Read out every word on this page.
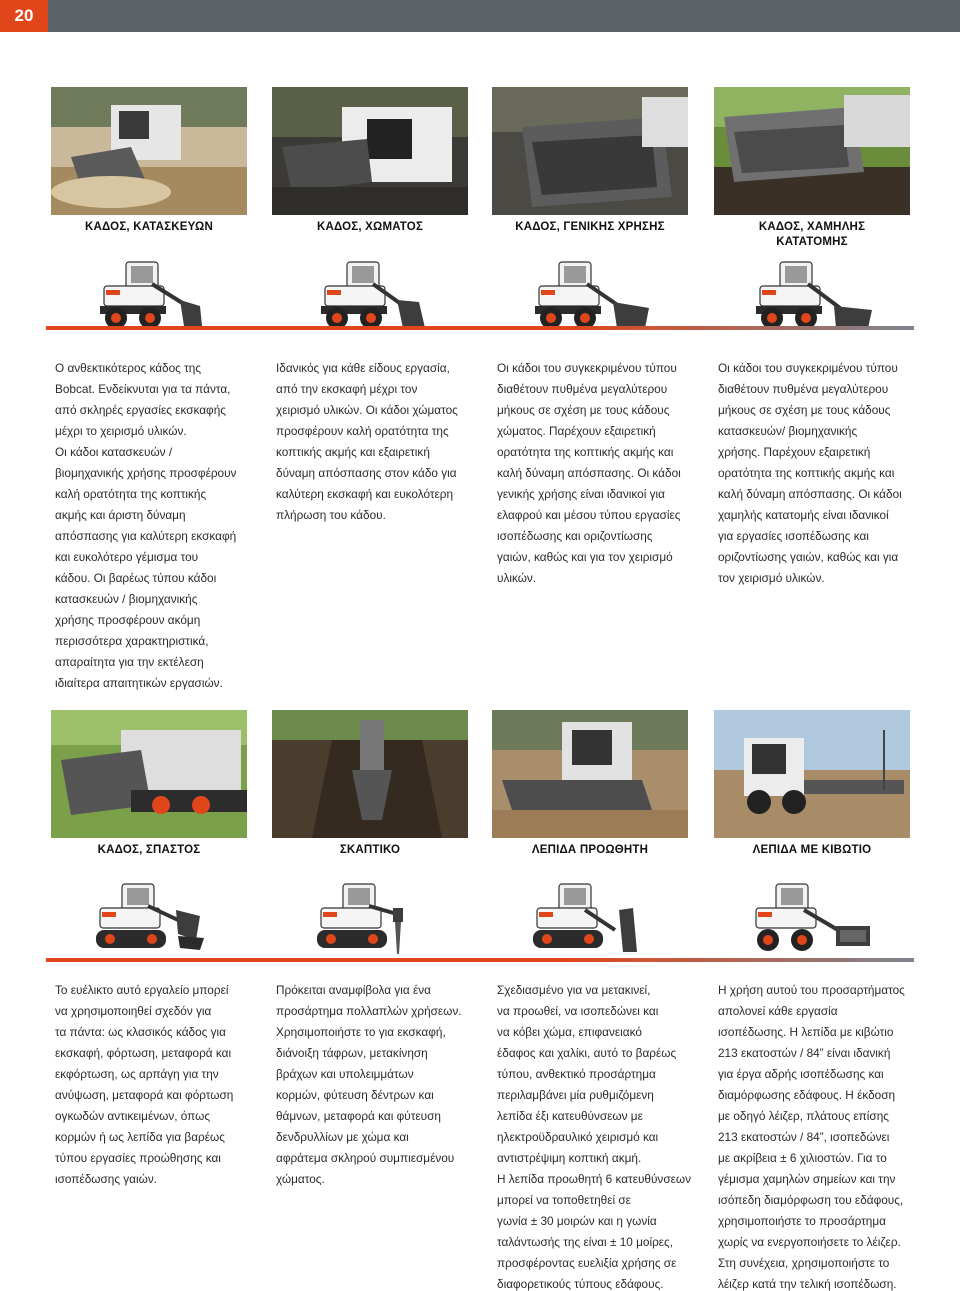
20
ΚΑΔΟΣ, ΚΑΤΑΣΚΕΥΩΝ	ΚΑΔΟΣ, ΧΩΜΑΤΟΣ	ΚΑΔΟΣ, ΓΕΝΙΚΗΣ ΧΡΗΣΗΣ	ΚΑΔΟΣ, ΧΑΜΗΛΗΣ
ΚΑΤΑΤΟΜΗΣ

Ο ανθεκτικότερος κάδος της
Bobcat. Ενδείκνυται για τα πάντα,
από σκληρές εργασίες εκσκαφής
μέχρι το χειρισμό υλικών.
Οι κάδοι κατασκευών /
βιομηχανικής χρήσης προσφέρουν
καλή ορατότητα της κοπτικής
ακμής και άριστη δύναμη
απόσπασης για καλύτερη εκσκαφή
και ευκολότερο γέμισμα του
κάδου. Οι βαρέως τύπου κάδοι
κατασκευών / βιομηχανικής
χρήσης προσφέρουν ακόμη
περισσότερα χαρακτηριστικά,
απαραίτητα για την εκτέλεση
ιδιαίτερα απαιτητικών εργασιών.

Ιδανικός για κάθε είδους εργασία,
από την εκσκαφή μέχρι τον
χειρισμό υλικών. Οι κάδοι χώματος
προσφέρουν καλή ορατότητα της
κοπτικής ακμής και εξαιρετική
δύναμη απόσπασης στον κάδο για
καλύτερη εκσκαφή και ευκολότερη
πλήρωση του κάδου.

Οι κάδοι του συγκεκριμένου τύπου
διαθέτουν πυθμένα μεγαλύτερου
μήκους σε σχέση με τους κάδους
χώματος. Παρέχουν εξαιρετική
ορατότητα της κοπτικής ακμής και
καλή δύναμη απόσπασης. Οι κάδοι
γενικής χρήσης είναι ιδανικοί για
ελαφρού και μέσου τύπου εργασίες
ισοπέδωσης και οριζοντίωσης
γαιών, καθώς και για τον χειρισμό
υλικών.

Οι κάδοι του συγκεκριμένου τύπου
διαθέτουν πυθμένα μεγαλύτερου
μήκους σε σχέση με τους κάδους
κατασκευών/ βιομηχανικής
χρήσης. Παρέχουν εξαιρετική
ορατότητα της κοπτικής ακμής και
καλή δύναμη απόσπασης. Οι κάδοι
χαμηλής κατατομής είναι ιδανικοί
για εργασίες ισοπέδωσης και
οριζοντίωσης γαιών, καθώς και για
τον χειρισμό υλικών.

ΚΑΔΟΣ, ΣΠΑΣΤΟΣ	ΣΚΑΠΤΙΚΟ	ΛΕΠΙΔΑ ΠΡΟΩΘΗΤΗ	ΛΕΠΙΔΑ ΜΕ ΚΙΒΩΤΙΟ

Το ευέλικτο αυτό εργαλείο μπορεί
να χρησιμοποιηθεί σχεδόν για
τα πάντα: ως κλασικός κάδος για
εκσκαφή, φόρτωση, μεταφορά και
εκφόρτωση, ως αρπάγη για την
ανύψωση, μεταφορά και φόρτωση
ογκωδών αντικειμένων, όπως
κορμών ή ως λεπίδα για βαρέως
τύπου εργασίες προώθησης και
ισοπέδωσης γαιών.

Πρόκειται αναμφίβολα για ένα
προσάρτημα πολλαπλών χρήσεων.
Χρησιμοποιήστε το για εκσκαφή,
διάνοιξη τάφρων, μετακίνηση
βράχων και υπολειμμάτων
κορμών, φύτευση δέντρων και
θάμνων, μεταφορά και φύτευση
δενδρυλλίων με χώμα και
αφράτεμα σκληρού συμπιεσμένου
χώματος.

Σχεδιασμένο για να μετακινεί,
να προωθεί, να ισοπεδώνει και
να κόβει χώμα, επιφανειακό
έδαφος και χαλίκι, αυτό το βαρέως
τύπου, ανθεκτικό προσάρτημα
περιλαμβάνει μία ρυθμιζόμενη
λεπίδα έξι κατευθύνσεων με
ηλεκτροϋδραυλικό χειρισμό και
αντιστρέψιμη κοπτική ακμή.
Η λεπίδα προωθητή 6 κατευθύνσεων
μπορεί να τοποθετηθεί σε
γωνία ± 30 μοιρών και η γωνία
ταλάντωσής της είναι ± 10 μοίρες,
προσφέροντας ευελιξία χρήσης σε
διαφορετικούς τύπους εδάφους.

Η χρήση αυτού του προσαρτήματος
απολονεί κάθε εργασία
ισοπέδωσης. Η λεπίδα με κιβώτιο
213 εκατοστών / 84” είναι ιδανική
για έργα αδρής ισοπέδωσης και
διαμόρφωσης εδάφους. Η έκδοση
με οδηγό λέιζερ, πλάτους επίσης
213 εκατοστών / 84”, ισοπεδώνει
με ακρίβεια ± 6 χιλιοστών. Για το
γέμισμα χαμηλών σημείων και την
ισόπεδη διαμόρφωση του εδάφους,
χρησιμοποιήστε το προσάρτημα
χωρίς να ενεργοποιήσετε το λέιζερ.
Στη συνέχεια, χρησιμοποιήστε το
λέιζερ κατά την τελική ισοπέδωση.
